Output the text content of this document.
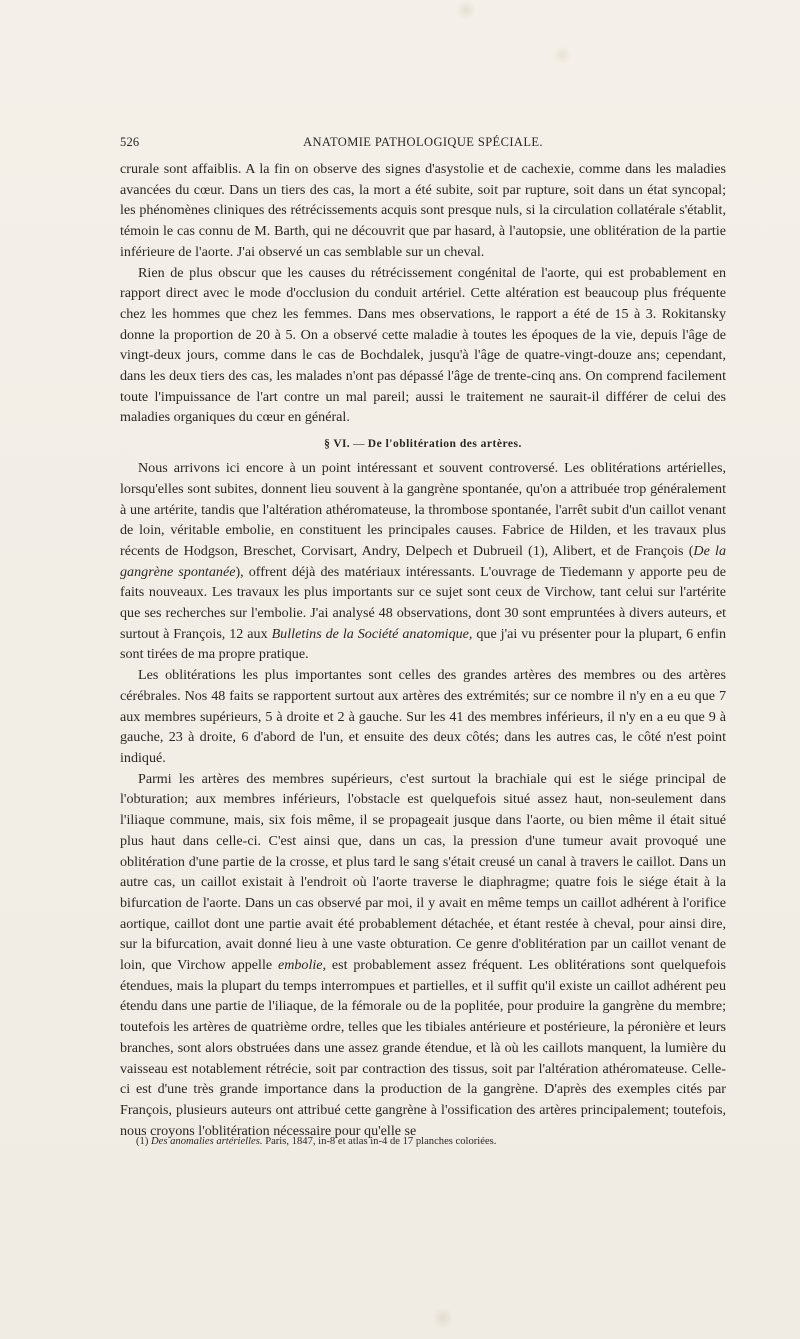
526	ANATOMIE PATHOLOGIQUE SPÉCIALE.

crurale sont affaiblis. A la fin on observe des signes d'asystolie et de cachexie, comme dans les maladies avancées du cœur. Dans un tiers des cas, la mort a été subite, soit par rupture, soit dans un état syncopal; les phénomènes cliniques des rétrécissements acquis sont presque nuls, si la circulation collatérale s'établit, témoin le cas connu de M. Barth, qui ne découvrit que par hasard, à l'autopsie, une oblitération de la partie inférieure de l'aorte. J'ai observé un cas semblable sur un cheval.

Rien de plus obscur que les causes du rétrécissement congénital de l'aorte, qui est probablement en rapport direct avec le mode d'occlusion du conduit artériel. Cette altération est beaucoup plus fréquente chez les hommes que chez les femmes. Dans mes observations, le rapport a été de 15 à 3. Rokitansky donne la proportion de 20 à 5. On a observé cette maladie à toutes les époques de la vie, depuis l'âge de vingt-deux jours, comme dans le cas de Bochdalek, jusqu'à l'âge de quatre-vingt-douze ans; cependant, dans les deux tiers des cas, les malades n'ont pas dépassé l'âge de trente-cinq ans. On comprend facilement toute l'impuissance de l'art contre un mal pareil; aussi le traitement ne saurait-il différer de celui des maladies organiques du cœur en général.

§ VI. — De l'oblitération des artères.

Nous arrivons ici encore à un point intéressant et souvent controversé. Les oblitérations artérielles, lorsqu'elles sont subites, donnent lieu souvent à la gangrène spontanée, qu'on a attribuée trop généralement à une artérite, tandis que l'altération athéromateuse, la thrombose spontanée, l'arrêt subit d'un caillot venant de loin, véritable embolie, en constituent les principales causes. Fabrice de Hilden, et les travaux plus récents de Hodgson, Breschet, Corvisart, Andry, Delpech et Dubrueil (1), Alibert, et de François (De la gangrène spontanée), offrent déjà des matériaux intéressants. L'ouvrage de Tiedemann y apporte peu de faits nouveaux. Les travaux les plus importants sur ce sujet sont ceux de Virchow, tant celui sur l'artérite que ses recherches sur l'embolie. J'ai analysé 48 observations, dont 30 sont empruntées à divers auteurs, et surtout à François, 12 aux Bulletins de la Société anatomique, que j'ai vu présenter pour la plupart, 6 enfin sont tirées de ma propre pratique.

Les oblitérations les plus importantes sont celles des grandes artères des membres ou des artères cérébrales. Nos 48 faits se rapportent surtout aux artères des extrémités; sur ce nombre il n'y en a eu que 7 aux membres supérieurs, 5 à droite et 2 à gauche. Sur les 41 des membres inférieurs, il n'y en a eu que 9 à gauche, 23 à droite, 6 d'abord de l'un, et ensuite des deux côtés; dans les autres cas, le côté n'est point indiqué.

Parmi les artères des membres supérieurs, c'est surtout la brachiale qui est le siége principal de l'obturation; aux membres inférieurs, l'obstacle est quelquefois situé assez haut, non-seulement dans l'iliaque commune, mais, six fois même, il se propageait jusque dans l'aorte, ou bien même il était situé plus haut dans celle-ci. C'est ainsi que, dans un cas, la pression d'une tumeur avait provoqué une oblitération d'une partie de la crosse, et plus tard le sang s'était creusé un canal à travers le caillot. Dans un autre cas, un caillot existait à l'endroit où l'aorte traverse le diaphragme; quatre fois le siége était à la bifurcation de l'aorte. Dans un cas observé par moi, il y avait en même temps un caillot adhérent à l'orifice aortique, caillot dont une partie avait été probablement détachée, et étant restée à cheval, pour ainsi dire, sur la bifurcation, avait donné lieu à une vaste obturation. Ce genre d'oblitération par un caillot venant de loin, que Virchow appelle embolie, est probablement assez fréquent. Les oblitérations sont quelquefois étendues, mais la plupart du temps interrompues et partielles, et il suffit qu'il existe un caillot adhérent peu étendu dans une partie de l'iliaque, de la fémorale ou de la poplitée, pour produire la gangrène du membre; toutefois les artères de quatrième ordre, telles que les tibiales antérieure et postérieure, la péronière et leurs branches, sont alors obstruées dans une assez grande étendue, et là où les caillots manquent, la lumière du vaisseau est notablement rétrécie, soit par contraction des tissus, soit par l'altération athéromateuse. Celle-ci est d'une très grande importance dans la production de la gangrène. D'après des exemples cités par François, plusieurs auteurs ont attribué cette gangrène à l'ossification des artères principalement; toutefois, nous croyons l'oblitération nécessaire pour qu'elle se

(1) Des anomalies artérielles. Paris, 1847, in-8 et atlas in-4 de 17 planches coloriées.
